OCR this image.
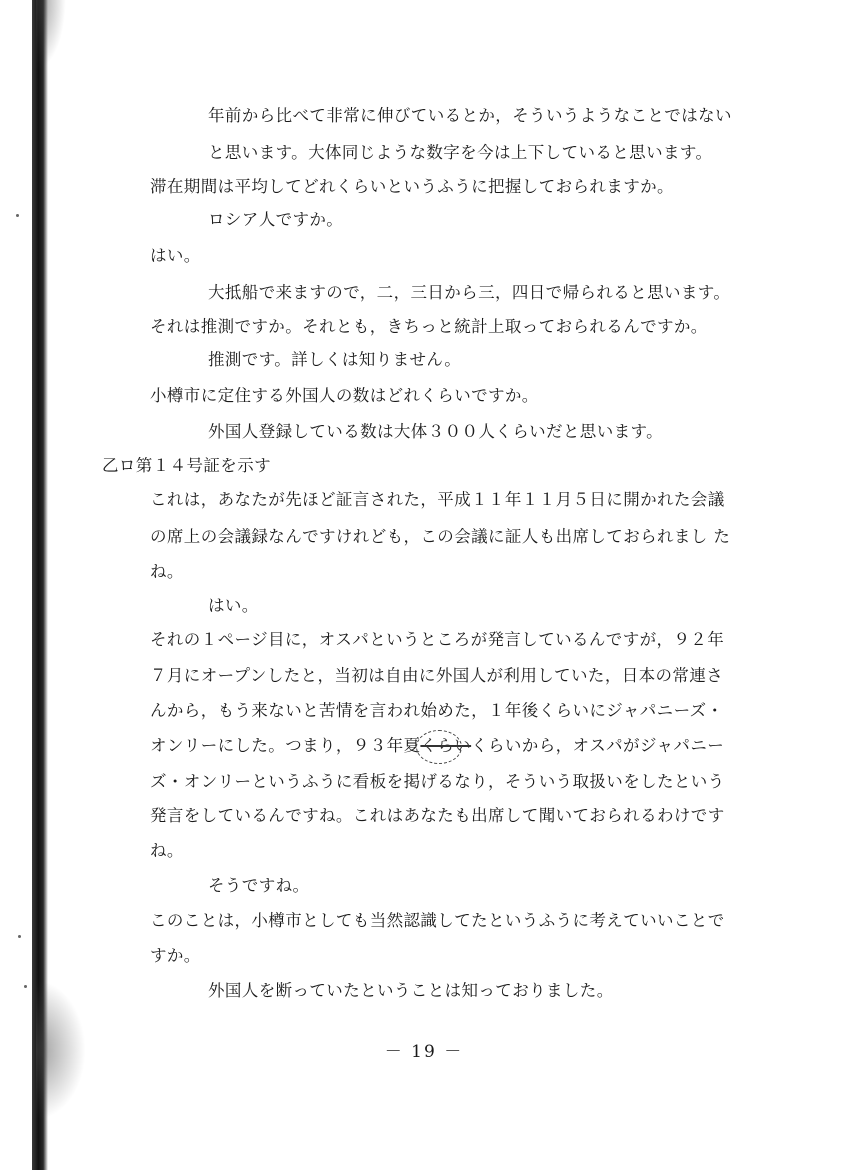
年前から比べて非常に伸びているとか，そういうようなことではない
と思います。大体同じような数字を今は上下していると思います。
滞在期間は平均してどれくらいというふうに把握しておられますか。
ロシア人ですか。
はい。
大抵船で来ますので，二，三日から三，四日で帰られると思います。
それは推測ですか。それとも，きちっと統計上取っておられるんですか。
推測です。詳しくは知りません。
小樽市に定住する外国人の数はどれくらいですか。
外国人登録している数は大体３００人くらいだと思います。
乙ロ第１４号証を示す
これは，あなたが先ほど証言された，平成１１年１１月５日に開かれた会議
の席上の会議録なんですけれども，この会議に証人も出席しておられまし た
ね。
はい。
それの１ページ目に，オスパというところが発言しているんですが，９２年
７月にオープンしたと，当初は自由に外国人が利用していた，日本の常連さ
んから，もう来ないと苦情を言われ始めた，１年後くらいにジャパニーズ・
オンリーにした。つまり，９３年夏くらい
くらいから，オスパがジャパニー
ズ・オンリーというふうに看板を掲げるなり，そういう取扱いをしたという
発言をしているんですね。これはあなたも出席して聞いておられるわけです
ね。
そうですね。
このことは，小樽市としても当然認識してたというふうに考えていいことで
すか。
外国人を断っていたということは知っておりました。
－ 19 －
